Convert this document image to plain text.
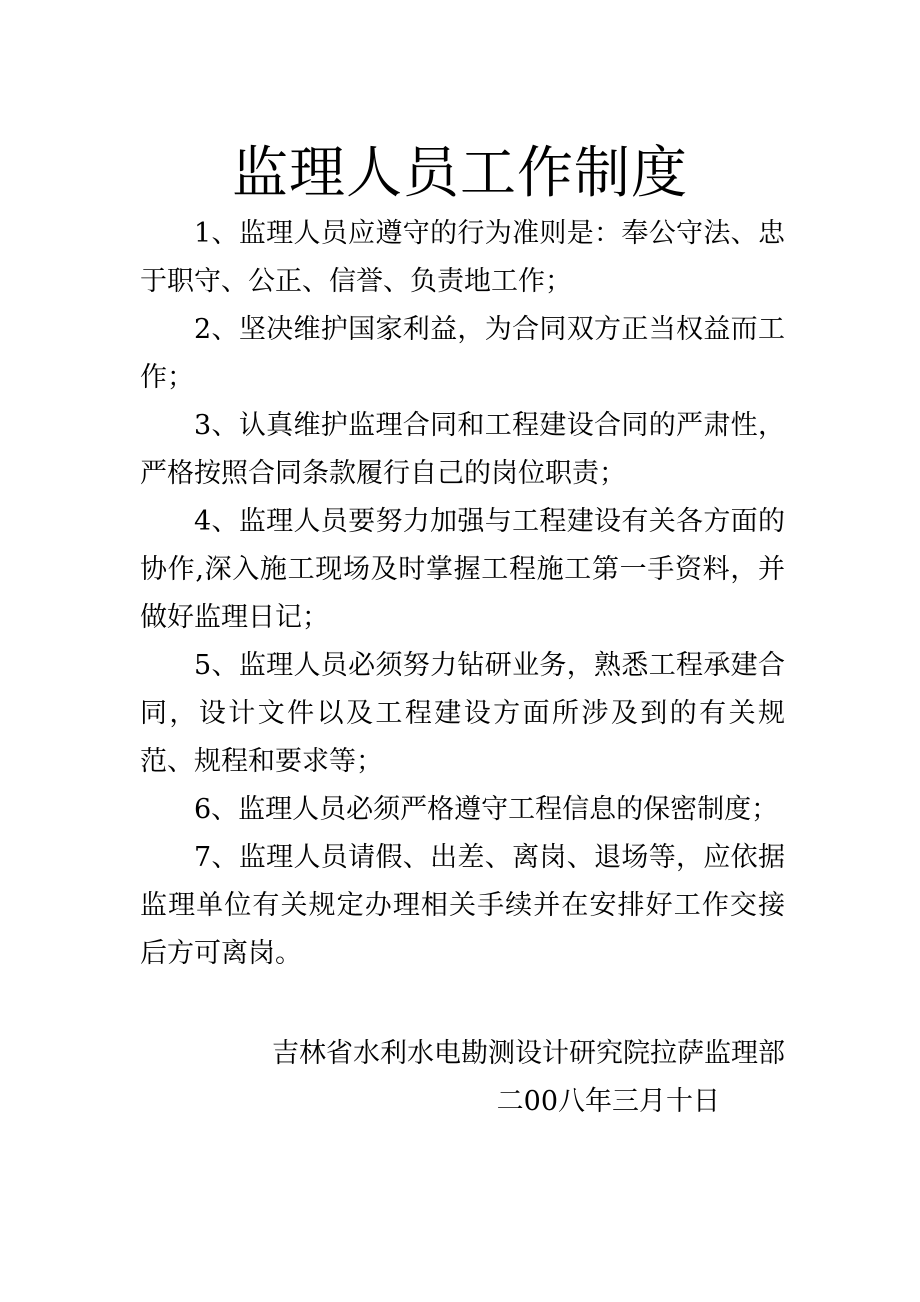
监理人员工作制度

1、监理人员应遵守的行为准则是：奉公守法、忠于职守、公正、信誉、负责地工作；

2、坚决维护国家利益，为合同双方正当权益而工作；

3、认真维护监理合同和工程建设合同的严肃性，严格按照合同条款履行自己的岗位职责；

4、监理人员要努力加强与工程建设有关各方面的协作,深入施工现场及时掌握工程施工第一手资料，并做好监理日记；

5、监理人员必须努力钻研业务，熟悉工程承建合同，设计文件以及工程建设方面所涉及到的有关规范、规程和要求等；

6、监理人员必须严格遵守工程信息的保密制度；

7、监理人员请假、出差、离岗、退场等，应依据监理单位有关规定办理相关手续并在安排好工作交接后方可离岗。

吉林省水利水电勘测设计研究院拉萨监理部
二00八年三月十日
